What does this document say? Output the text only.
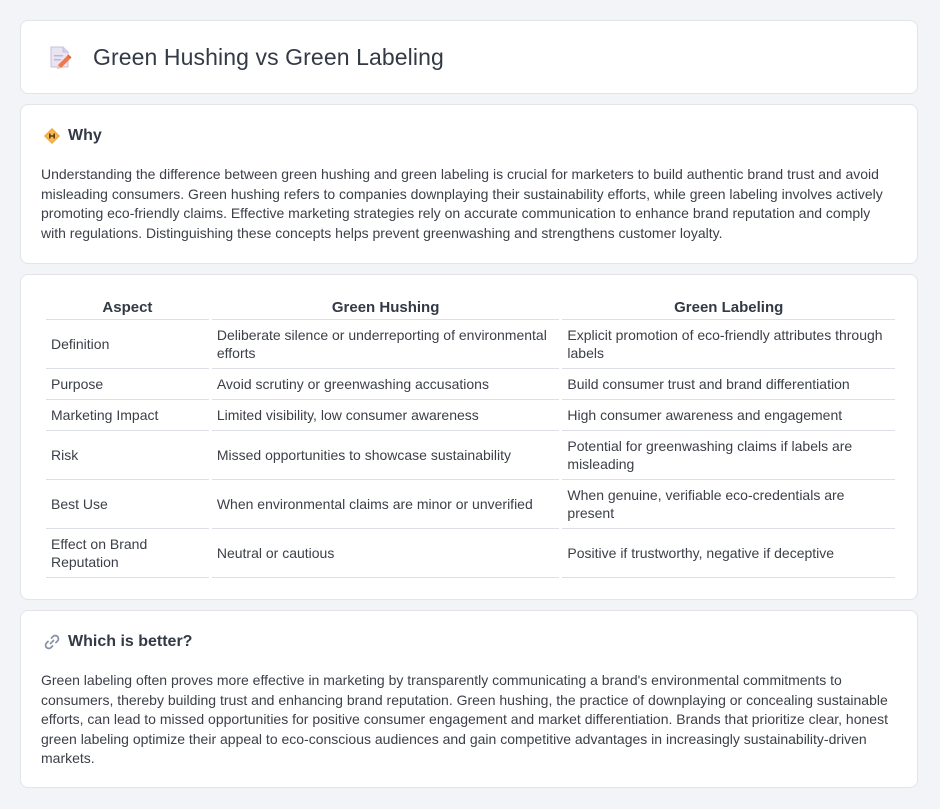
Green Hushing vs Green Labeling
Why

Understanding the difference between green hushing and green labeling is crucial for marketers to build authentic brand trust and avoid misleading consumers. Green hushing refers to companies downplaying their sustainability efforts, while green labeling involves actively promoting eco-friendly claims. Effective marketing strategies rely on accurate communication to enhance brand reputation and comply with regulations. Distinguishing these concepts helps prevent greenwashing and strengthens customer loyalty.

Aspect	Green Hushing	Green Labeling
Definition	Deliberate silence or underreporting of environmental efforts	Explicit promotion of eco-friendly attributes through labels
Purpose	Avoid scrutiny or greenwashing accusations	Build consumer trust and brand differentiation
Marketing Impact	Limited visibility, low consumer awareness	High consumer awareness and engagement
Risk	Missed opportunities to showcase sustainability	Potential for greenwashing claims if labels are misleading
Best Use	When environmental claims are minor or unverified	When genuine, verifiable eco-credentials are present
Effect on Brand Reputation	Neutral or cautious	Positive if trustworthy, negative if deceptive
Which is better?

Green labeling often proves more effective in marketing by transparently communicating a brand's environmental commitments to consumers, thereby building trust and enhancing brand reputation. Green hushing, the practice of downplaying or concealing sustainable efforts, can lead to missed opportunities for positive consumer engagement and market differentiation. Brands that prioritize clear, honest green labeling optimize their appeal to eco-conscious audiences and gain competitive advantages in increasingly sustainability-driven markets.
